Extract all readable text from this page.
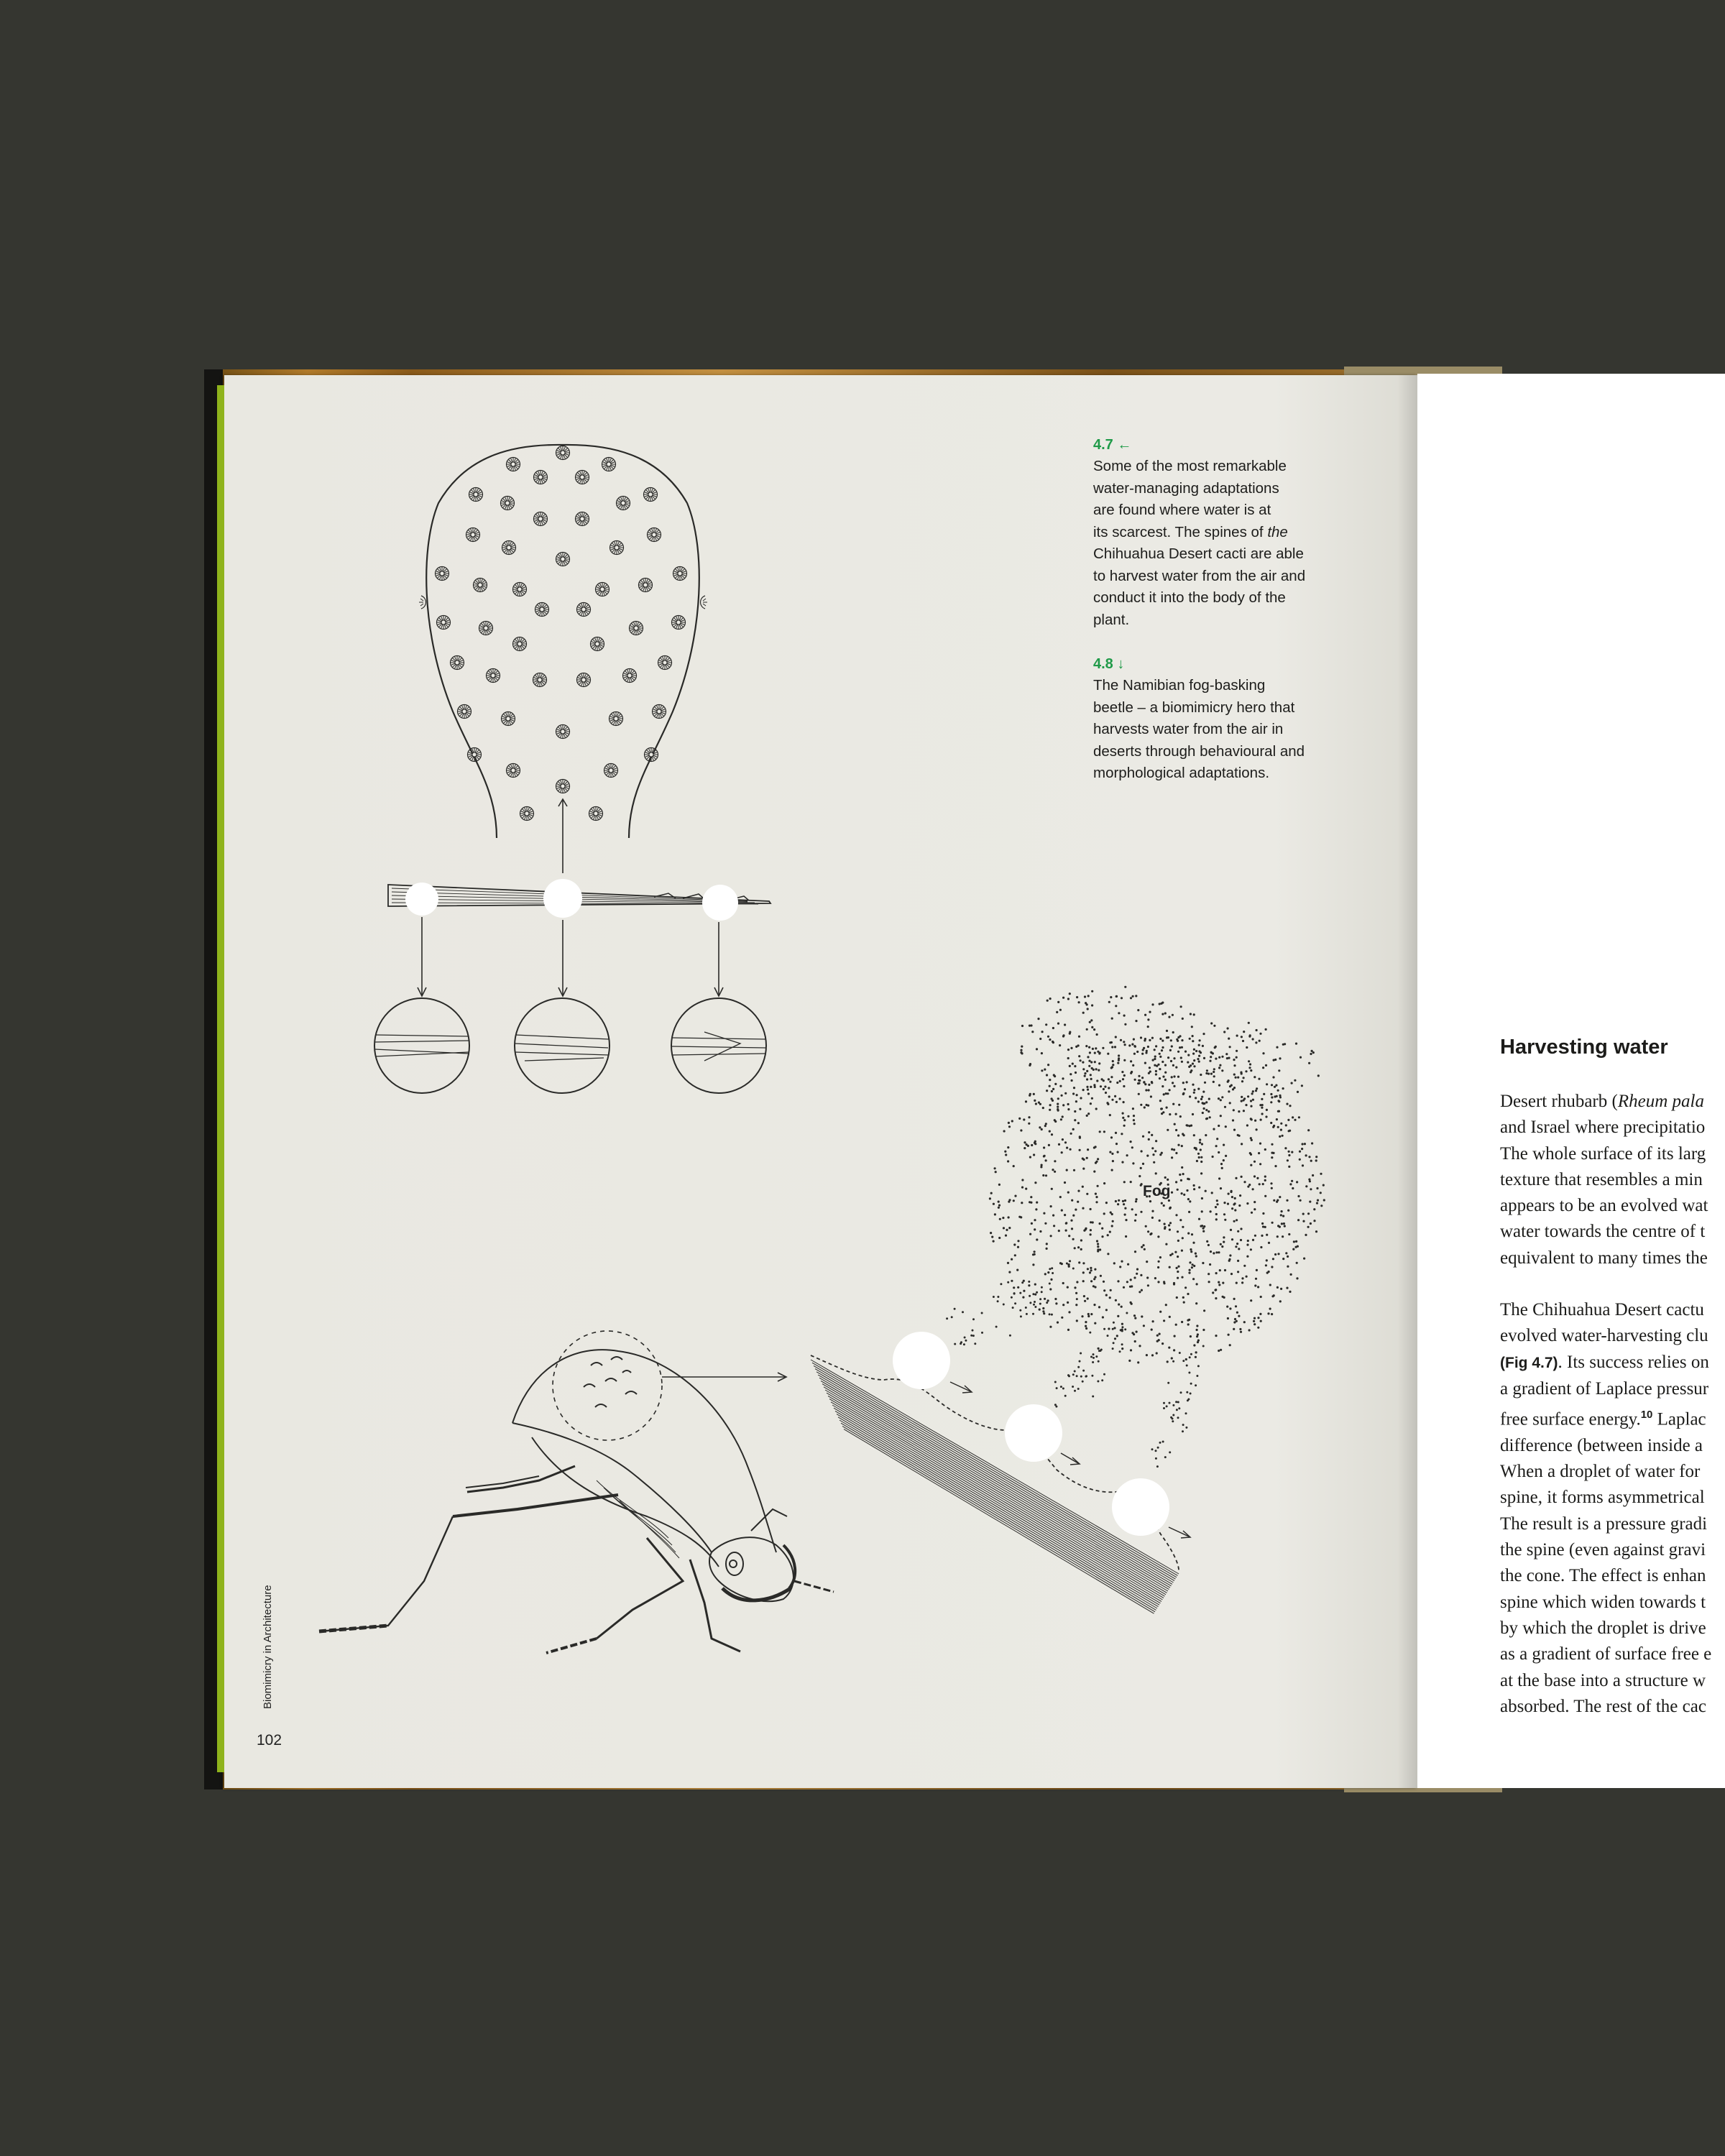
4.7 ←
Some of the most remarkable
water-managing adaptations
are found where water is at
its scarcest. The spines of the
Chihuahua Desert cacti are able
to harvest water from the air and
conduct it into the body of the
plant.
4.8 ↓
The Namibian fog-basking
beetle – a biomimicry hero that
harvests water from the air in
deserts through behavioural and
morphological adaptations.
Fog
Biomimicry in Architecture
102
Harvesting water
Desert rhubarb (Rheum pala
and Israel where precipitatio
The whole surface of its larg
texture that resembles a min
appears to be an evolved wat
water towards the centre of t
equivalent to many times the
The Chihuahua Desert cactu
evolved water-harvesting clu
(Fig 4.7). Its success relies on
a gradient of Laplace pressur
free surface energy.$^{10}$ Laplac
difference (between inside a
When a droplet of water for
spine, it forms asymmetrical
The result is a pressure gradi
the spine (even against gravi
the cone. The effect is enhan
spine which widen towards t
by which the droplet is drive
as a gradient of surface free e
at the base into a structure w
absorbed. The rest of the cac
